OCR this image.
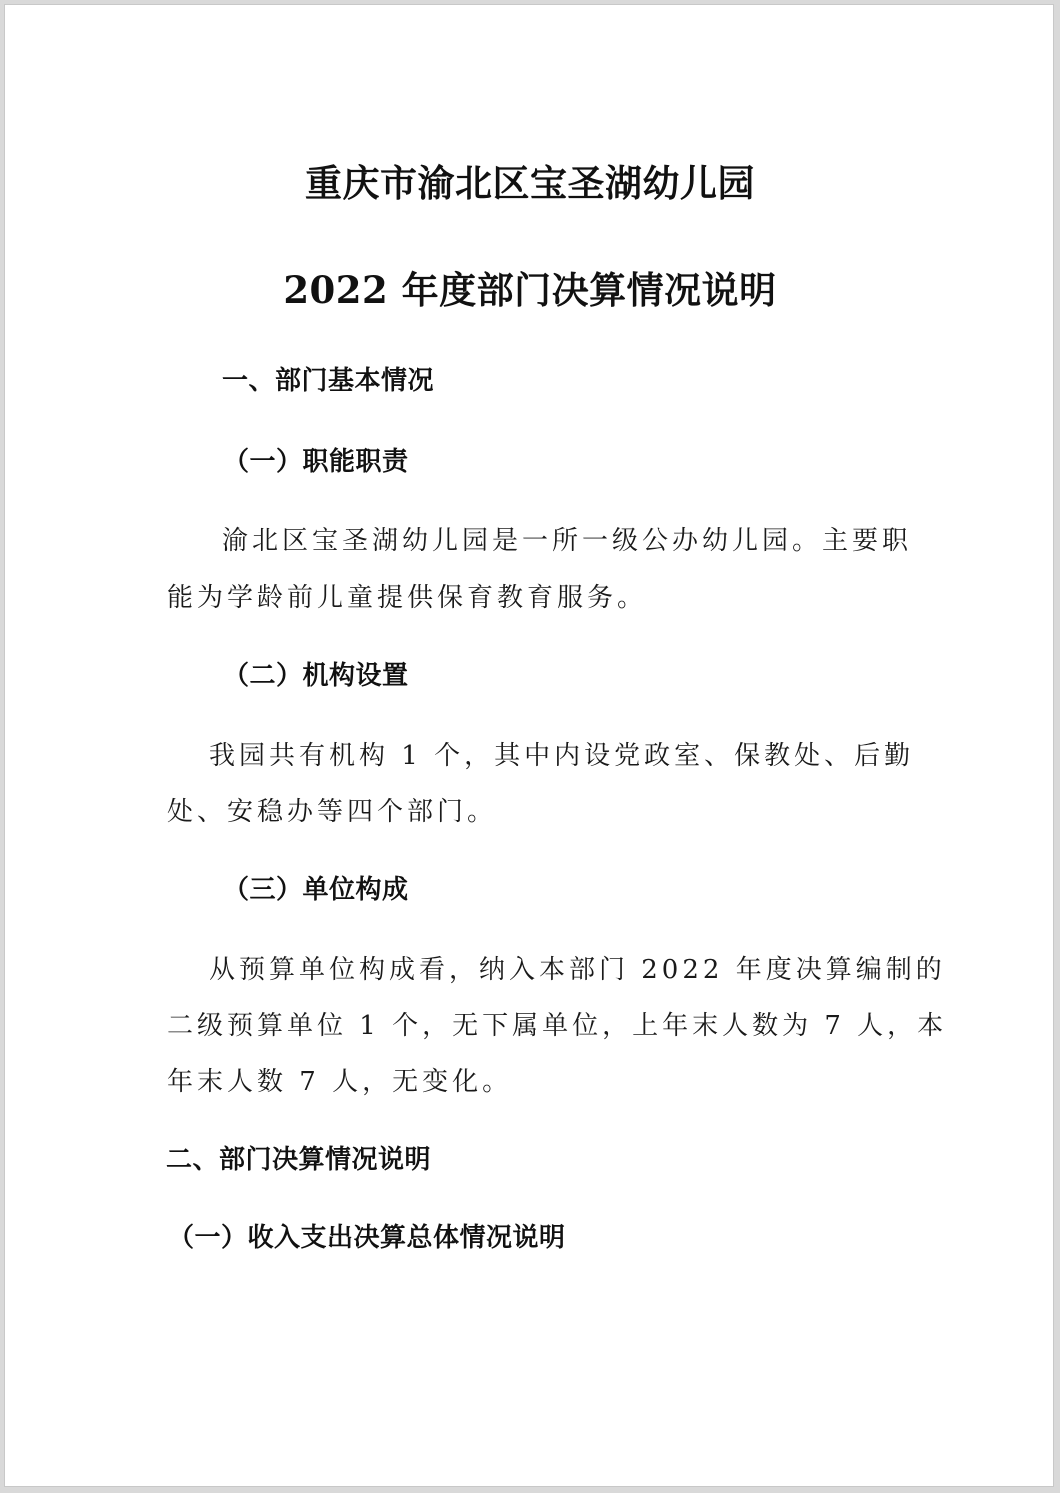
重庆市渝北区宝圣湖幼儿园
2022 年度部门决算情况说明
一、部门基本情况
（一）职能职责
渝北区宝圣湖幼儿园是一所一级公办幼儿园。主要职
能为学龄前儿童提供保育教育服务。
（二）机构设置
我园共有机构 1 个，其中内设党政室、保教处、后勤
处、安稳办等四个部门。
（三）单位构成
从预算单位构成看，纳入本部门 2022 年度决算编制的
二级预算单位 1 个，无下属单位，上年末人数为 7 人，本
年末人数 7 人，无变化。
二、部门决算情况说明
（一）收入支出决算总体情况说明
